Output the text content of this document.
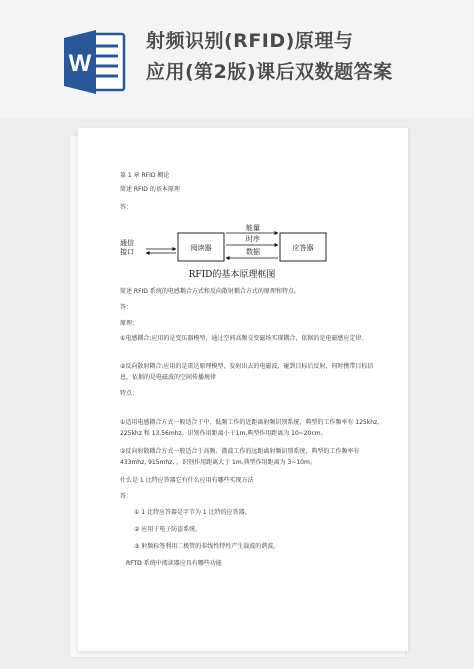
W
射频识别(RFID)原理与
应用(第2版)课后双数题答案
第 1 章 RFID 概论
简述 RFID 的基本原理
答：
通信
接口	阅读器
能量
时序
数据	应答器
RFID的基本原理框图
简述 RFID 系统的电感耦合方式和反向散射耦合方式的原理和特点。
答：
原理：
①电感耦合:应用的是变压器模型，通过空间高频交变磁场实现耦合，依据的是电磁感应定律。
②反向散射耦合:应用的是雷达原理模型，发射出去的电磁波，碰到目标后反射，同时携带目标信息，依据的是电磁波的空间传播规律
特点：
①适用电感耦合方式一般适合于中、低频工作的近距离射频识别系统，典型的工作频率有 125khz, 225khz 和 13.56mhz。识别作用距离小于1m,典型作用距离为 10~20cm。
②反向射散耦合方式一般适合于高频、微波工作的远距离射频识别系统，典型的工作频率有 433mhz, 915mhz, ，识别作用距离大于 1m,典型作用距离为 3~10m。
什么是 1 比特应答器它有什么应用有哪些实现方法
答：
① 1 比特应答器是字节为 1 比特的应答器。
② 应用于电子防盗系统。
③ 射频标签利用二极管的非线性特性产生载波的谐波。
RFTD 系统中阅读器应具有哪些功能
